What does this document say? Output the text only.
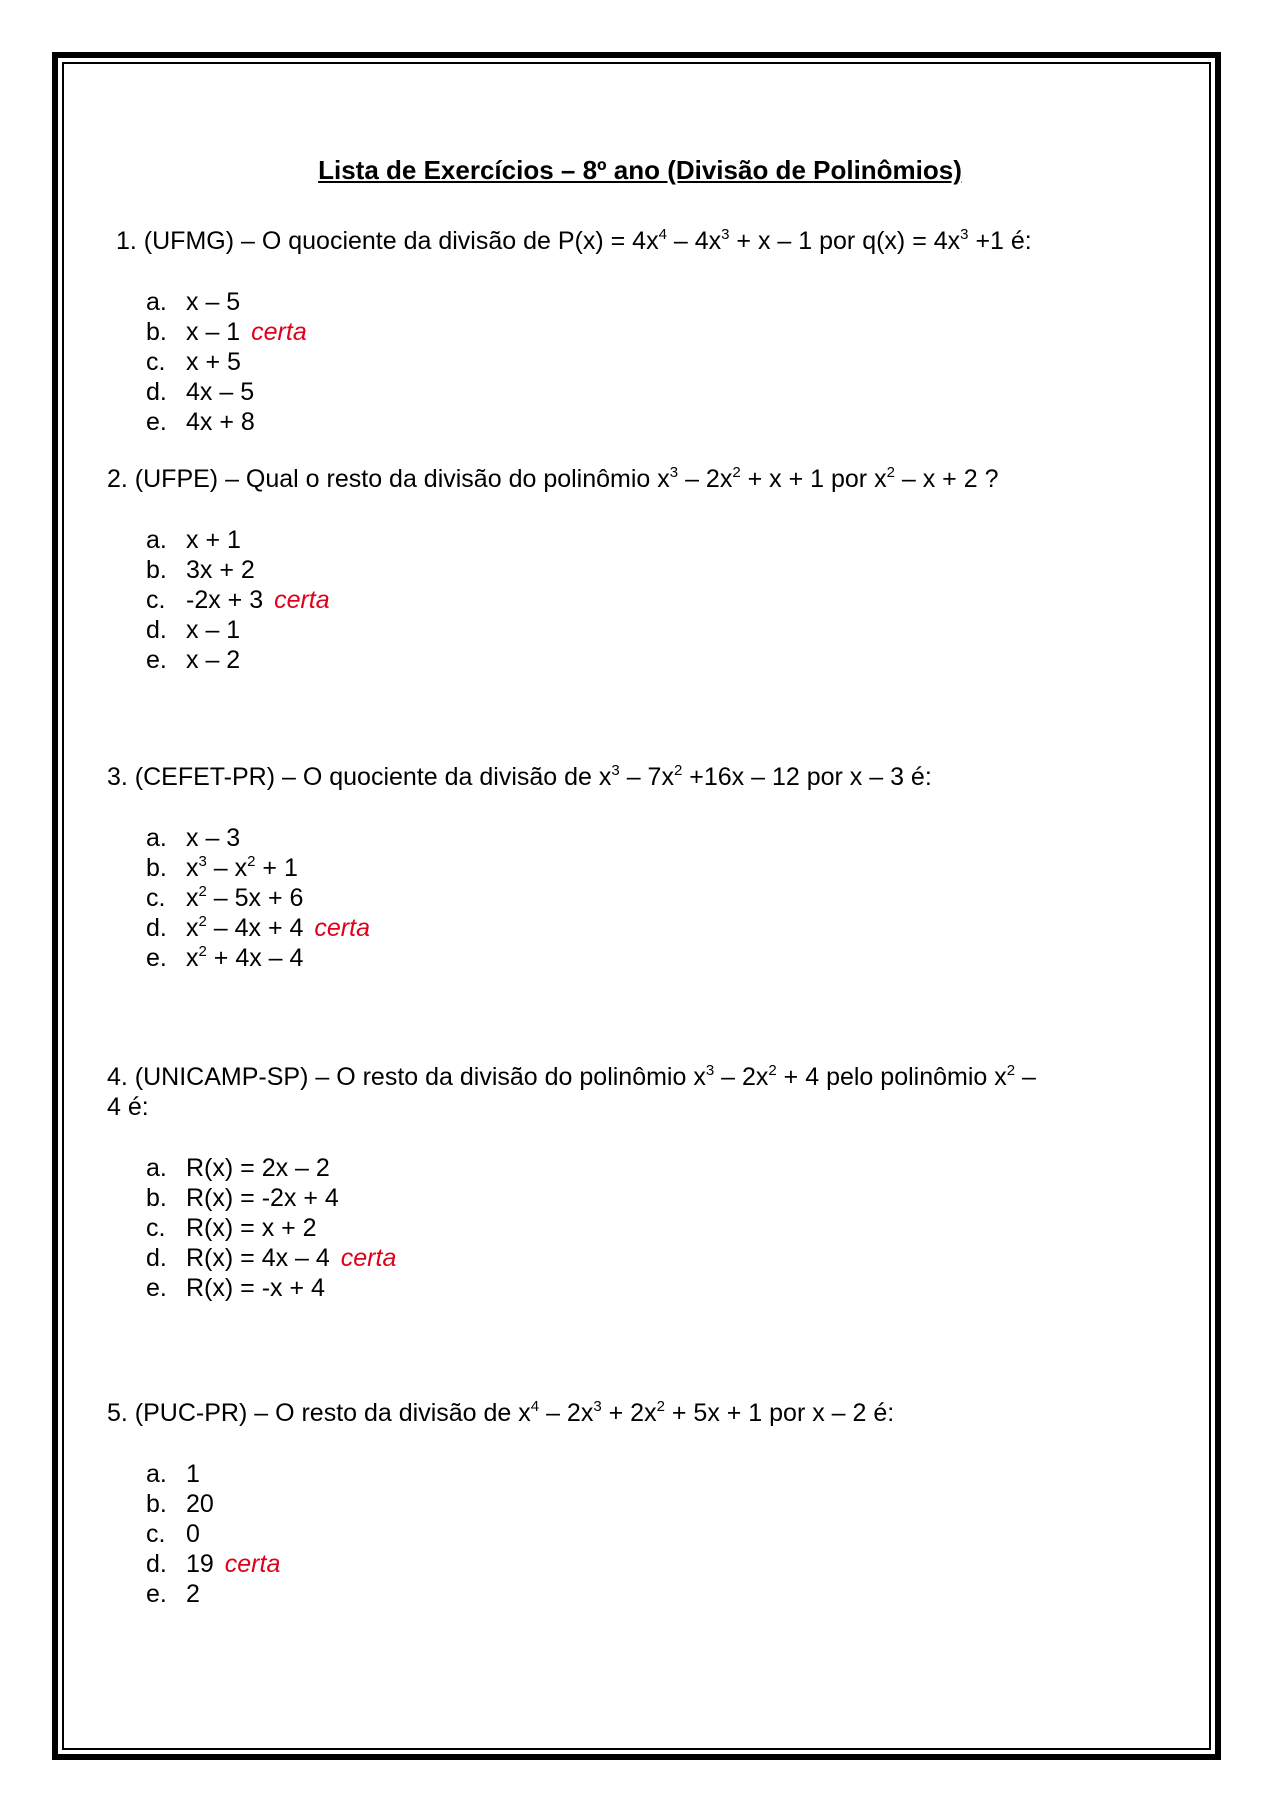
Lista de Exercícios – 8º ano (Divisão de Polinômios)
1. (UFMG) – O quociente da divisão de $P(x) = 4x^4 - 4x^3 + x - 1$ por $q(x) = 4x^3 +1$ é:
a. x – 5
b. x – 1 certa
c. x + 5
d. 4x – 5
e. 4x + 8
2. (UFPE) – Qual o resto da divisão do polinômio $x^3 - 2x^2 + x + 1$ por $x^2 - x + 2$ ?
a. x + 1
b. 3x + 2
c. -2x + 3 certa
d. x – 1
e. x – 2
3. (CEFET-PR) – O quociente da divisão de $x^3 - 7x^2 +16x - 12$ por x – 3 é:
a. x – 3
b. $x^3 - x^2 + 1$
c. $x^2 - 5x + 6$
d. $x^2 - 4x + 4$ certa
e. $x^2 + 4x - 4$
4. (UNICAMP-SP) – O resto da divisão do polinômio $x^3 - 2x^2 + 4$ pelo polinômio $x^2$ –
4 é:
a. R(x) = 2x – 2
b. R(x) = -2x + 4
c. R(x) = x + 2
d. R(x) = 4x – 4 certa
e. R(x) = -x + 4
5. (PUC-PR) – O resto da divisão de $x^4 - 2x^3 + 2x^2 + 5x + 1$ por x – 2 é:
a. 1
b. 20
c. 0
d. 19 certa
e. 2
